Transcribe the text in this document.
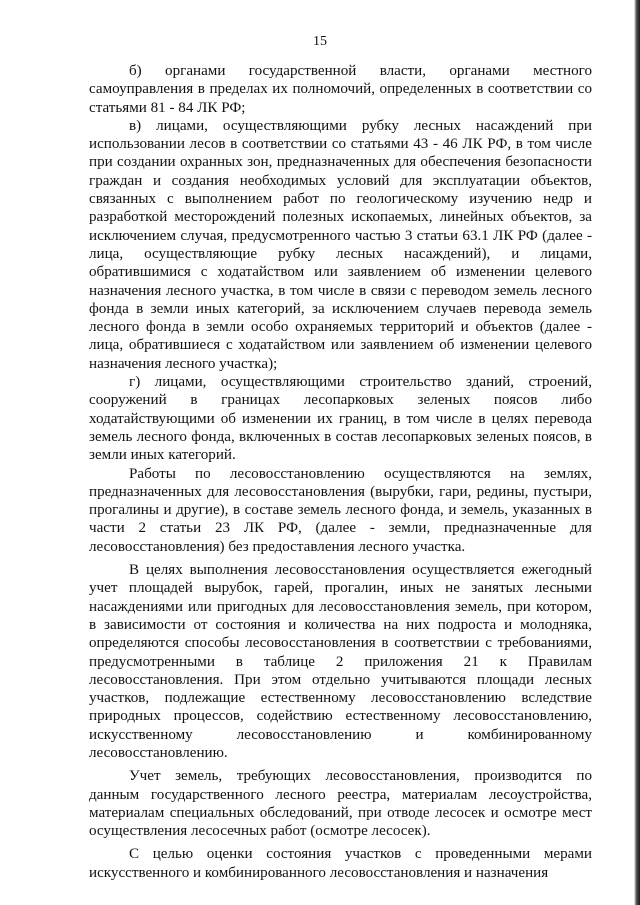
15

б) органами государственной власти, органами местного самоуправления в пределах их полномочий, определенных в соответствии со статьями 81 - 84 ЛК РФ;

в) лицами, осуществляющими рубку лесных насаждений при использовании лесов в соответствии со статьями 43 - 46 ЛК РФ, в том числе при создании охранных зон, предназначенных для обеспечения безопасности граждан и создания необходимых условий для эксплуатации объектов, связанных с выполнением работ по геологическому изучению недр и разработкой месторождений полезных ископаемых, линейных объектов, за исключением случая, предусмотренного частью 3 статьи 63.1 ЛК РФ (далее - лица, осуществляющие рубку лесных насаждений), и лицами, обратившимися с ходатайством или заявлением об изменении целевого назначения лесного участка, в том числе в связи с переводом земель лесного фонда в земли иных категорий, за исключением случаев перевода земель лесного фонда в земли особо охраняемых территорий и объектов (далее - лица, обратившиеся с ходатайством или заявлением об изменении целевого назначения лесного участка);

г) лицами, осуществляющими строительство зданий, строений, сооружений в границах лесопарковых зеленых поясов либо ходатайствующими об изменении их границ, в том числе в целях перевода земель лесного фонда, включенных в состав лесопарковых зеленых поясов, в земли иных категорий.

Работы по лесовосстановлению осуществляются на землях, предназначенных для лесовосстановления (вырубки, гари, редины, пустыри, прогалины и другие), в составе земель лесного фонда, и земель, указанных в части 2 статьи 23 ЛК РФ, (далее - земли, предназначенные для лесовосстановления) без предоставления лесного участка.

В целях выполнения лесовосстановления осуществляется ежегодный учет площадей вырубок, гарей, прогалин, иных не занятых лесными насаждениями или пригодных для лесовосстановления земель, при котором, в зависимости от состояния и количества на них подроста и молодняка, определяются способы лесовосстановления в соответствии с требованиями, предусмотренными в таблице 2 приложения 21 к Правилам лесовосстановления. При этом отдельно учитываются площади лесных участков, подлежащие естественному лесовосстановлению вследствие природных процессов, содействию естественному лесовосстановлению, искусственному лесовосстановлению и комбинированному лесовосстановлению.

Учет земель, требующих лесовосстановления, производится по данным государственного лесного реестра, материалам лесоустройства, материалам специальных обследований, при отводе лесосек и осмотре мест осуществления лесосечных работ (осмотре лесосек).

С целью оценки состояния участков с проведенными мерами искусственного и комбинированного лесовосстановления и назначения
